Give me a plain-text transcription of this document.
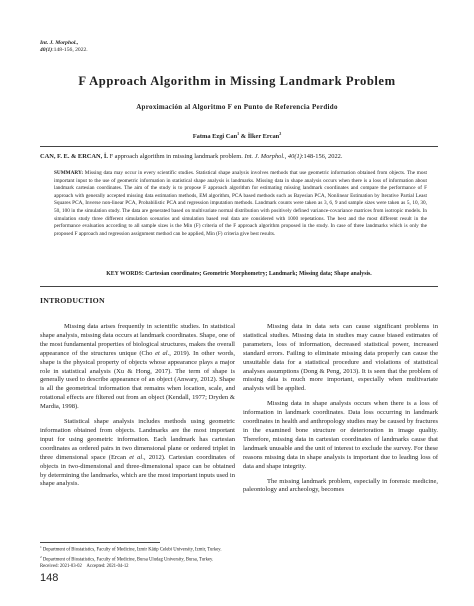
Int. J. Morphol.,
40(1):148-156, 2022.
F Approach Algorithm in Missing Landmark Problem
Aproximación al Algoritmo F en Punto de Referencia Perdido
Fatma Ezgi Can$^1$ & İlker Ercan$^2$
CAN, F. E. & ERCAN, İ. F approach algorithm in missing landmark problem. Int. J. Morphol., 40(1):148-156, 2022.
SUMMARY: Missing data may occur in every scientific studies. Statistical shape analysis involves methods that use geometric information obtained from objects. The most important input to the use of geometric information in statistical shape analysis is landmarks. Missing data in shape analysis occurs when there is a loss of information about landmark cartesian coordinates. The aim of the study is to propose F approach algorithm for estimating missing landmark coordinates and compare the performance of F approach with generally accepted missing data estimation methods, EM algorithm, PCA based methods such as Bayesian PCA, Nonlinear Estimation by Iterative Partial Least Squares PCA, Inverse non-linear PCA, Probabilistic PCA and regression imputation methods. Landmark counts were taken as 3, 6, 9 and sample sizes were taken as 5, 10, 30, 50, 100 in the simulation study. The data are generated based on multivariate normal distribution with positively defined variance-covariance matrices from isotropic models. In simulation study three different simulation scenarios and simulation based real data are considered with 1000 repetations. The best and the most different result in the performance evaluation according to all sample sizes is the Min (F) criteria of the F approach algorithm proposed in the study. In case of three landmarks which is only the proposed F approach and regression assignment method can be applied, Min (F) criteria give best results.
KEY WORDS: Cartesian coordinates; Geometric Morphometry; Landmark; Missing data; Shape analysis.
INTRODUCTION

Missing data arises frequently in scientific studies. In statistical shape analysis, missing data occurs at landmark coordinates. Shape, one of the most fundamental properties of biological structures, makes the overall appearance of the structures unique (Cho et al., 2019). In other words, shape is the physical property of objects whose appearance plays a major role in statistical analysis (Xu & Hong, 2017). The term of shape is generally used to describe appearance of an object (Anwary, 2012). Shape is all the geometrical information that remains when location, scale, and rotational effects are filtered out from an object (Kendall, 1977; Dryden & Mardia, 1998).

Statistical shape analysis includes methods using geometric information obtained from objects. Landmarks are the most important input for using geometric information. Each landmark has cartesian coordinates as ordered pairs in two dimensional plane or ordered triplet in three dimensional space (Ercan et al., 2012). Cartesian coordinates of objects in two-dimensional and three-dimensional space can be obtained by determining the landmarks, which are the most important inputs used in shape analysis.

Missing data in data sets can cause significant problems in statistical studies. Missing data in studies may cause biased estimates of parameters, loss of information, decreased statistical power, increased standard errors. Failing to eliminate missing data properly can cause the unsuitable data for a statistical procedure and violations of statistical analyses assumptions (Dong & Peng, 2013). It is seen that the problem of missing data is much more important, especially when multivariate analysis will be applied.

Missing data in shape analysis occurs when there is a loss of information in landmark coordinates. Data loss occurring in landmark coordinates in health and anthropology studies may be caused by fractures in the examined bone structure or deterioration in image quality. Therefore, missing data in cartesian coordinates of landmarks cause that landmark unusable and the unit of interest to exclude the survey. For these reasons missing data in shape analysis is important due to leading loss of data and shape integrity.

The missing landmark problem, especially in forensic medicine, paleontology and archeology, becomes

$^1$ Department of Biostatistics, Faculty of Medicine, Izmir Kâtip Celebi University, Izmir, Turkey.
$^2$ Department of Biostatistics, Faculty of Medicine, Bursa Uludag University, Bursa, Turkey.
Received: 2021-03-02 Accepted: 2021-04-12
148
